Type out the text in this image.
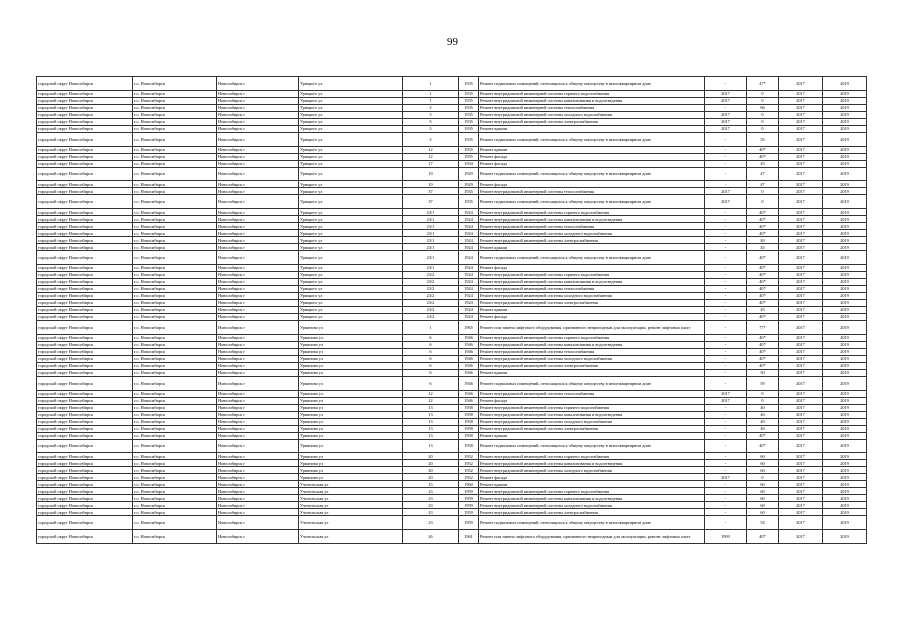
99
городской округ Новосибирск	г.о. Новосибирск	Новосибирск г	Урицкого ул	1	1935	Ремонт подвальных помещений, относящихся к общему имуществу в многоквартирном доме	-	47*	2017	2019
городской округ Новосибирск	г.о. Новосибирск	Новосибирск г	Урицкого ул	1	1935	Ремонт внутридомовой инженерной системы горячего водоснабжения	2017	0	2017	2019
городской округ Новосибирск	г.о. Новосибирск	Новосибирск г	Урицкого ул	1	1935	Ремонт внутридомовой инженерной системы канализования и водоотведения	2017	0	2017	2019
городской округ Новосибирск	г.о. Новосибирск	Новосибирск г	Урицкого ул	3	1935	Ремонт внутридомовой инженерной системы теплоснабжения	-	66	2017	2019
городской округ Новосибирск	г.о. Новосибирск	Новосибирск г	Урицкого ул	3	1935	Ремонт внутридомовой инженерной системы холодного водоснабжения	2017	0	2017	2019
городской округ Новосибирск	г.о. Новосибирск	Новосибирск г	Урицкого ул	3	1935	Ремонт внутридомовой инженерной системы электроснабжения	2017	0	2017	2019
городской округ Новосибирск	г.о. Новосибирск	Новосибирск г	Урицкого ул	3	1935	Ремонт крыши	2017	0	2017	2019
городской округ Новосибирск	г.о. Новосибирск	Новосибирск г	Урицкого ул	3	1935	Ремонт подвальных помещений, относящихся к общему имуществу в многоквартирном доме	-	55	2017	2019
городской округ Новосибирск	г.о. Новосибирск	Новосибирск г	Урицкого ул	12	1955	Ремонт крыши	-	40*	2017	2019
городской округ Новосибирск	г.о. Новосибирск	Новосибирск г	Урицкого ул	12	1955	Ремонт фасада	-	40*	2017	2019
городской округ Новосибирск	г.о. Новосибирск	Новосибирск г	Урицкого ул	17	1934	Ремонт фасада	-	45	2017	2019
городской округ Новосибирск	г.о. Новосибирск	Новосибирск г	Урицкого ул	19	1929	Ремонт подвальных помещений, относящихся к общему имуществу в многоквартирном доме	-	47	2017	2019
городской округ Новосибирск	г.о. Новосибирск	Новосибирск г	Урицкого ул	19	1929	Ремонт фасада	-	47	2017	2019
городской округ Новосибирск	г.о. Новосибирск	Новосибирск г	Урицкого ул	37	1935	Ремонт внутридомовой инженерной системы теплоснабжения	2017	0	2017	2019
городской округ Новосибирск	г.о. Новосибирск	Новосибирск г	Урицкого ул	37	1935	Ремонт подвальных помещений, относящихся к общему имуществу в многоквартирном доме	2017	0	2017	2019
городской округ Новосибирск	г.о. Новосибирск	Новосибирск г	Урицкого ул	23/1	1924	Ремонт внутридомовой инженерной системы горячего водоснабжения	-	40*	2017	2019
городской округ Новосибирск	г.о. Новосибирск	Новосибирск г	Урицкого ул	23/1	1924	Ремонт внутридомовой инженерной системы канализования и водоотведения	-	40*	2017	2019
городской округ Новосибирск	г.о. Новосибирск	Новосибирск г	Урицкого ул	23/1	1924	Ремонт внутридомовой инженерной системы теплоснабжения	-	40*	2017	2019
городской округ Новосибирск	г.о. Новосибирск	Новосибирск г	Урицкого ул	23/1	1924	Ремонт внутридомовой инженерной системы холодного водоснабжения	-	40*	2017	2019
городской округ Новосибирск	г.о. Новосибирск	Новосибирск г	Урицкого ул	23/1	1924	Ремонт внутридомовой инженерной системы электроснабжения	-	40	2017	2019
городской округ Новосибирск	г.о. Новосибирск	Новосибирск г	Урицкого ул	23/1	1924	Ремонт крыши	-	45	2017	2019
городской округ Новосибирск	г.о. Новосибирск	Новосибирск г	Урицкого ул	23/1	1924	Ремонт подвальных помещений, относящихся к общему имуществу в многоквартирном доме	-	40*	2017	2019
городской округ Новосибирск	г.о. Новосибирск	Новосибирск г	Урицкого ул	23/1	1924	Ремонт фасада	-	40*	2017	2019
городской округ Новосибирск	г.о. Новосибирск	Новосибирск г	Урицкого ул	23/2	1924	Ремонт внутридомовой инженерной системы горячего водоснабжения	-	40*	2017	2019
городской округ Новосибирск	г.о. Новосибирск	Новосибирск г	Урицкого ул	23/2	1924	Ремонт внутридомовой инженерной системы канализования и водоотведения	-	40*	2017	2019
городской округ Новосибирск	г.о. Новосибирск	Новосибирск г	Урицкого ул	23/2	1924	Ремонт внутридомовой инженерной системы теплоснабжения	-	40*	2017	2019
городской округ Новосибирск	г.о. Новосибирск	Новосибирск г	Урицкого ул	23/2	1924	Ремонт внутридомовой инженерной системы холодного водоснабжения	-	40*	2017	2019
городской округ Новосибирск	г.о. Новосибирск	Новосибирск г	Урицкого ул	23/2	1924	Ремонт внутридомовой инженерной системы электроснабжения	-	40*	2017	2019
городской округ Новосибирск	г.о. Новосибирск	Новосибирск г	Урицкого ул	23/2	1924	Ремонт крыши	-	45	2017	2019
городской округ Новосибирск	г.о. Новосибирск	Новосибирск г	Урицкого ул	23/2	1924	Ремонт фасада	-	40*	2017	2019
городской округ Новосибирск	г.о. Новосибирск	Новосибирск г	Урманова ул	1	1965	Ремонт или замена лифтового оборудования, признанного непригодным для эксплуатации, ремонт лифтовых шахт	-	77*	2017	2019
городской округ Новосибирск	г.о. Новосибирск	Новосибирск г	Урманова ул	6	1946	Ремонт внутридомовой инженерной системы горячего водоснабжения	-	40*	2017	2019
городской округ Новосибирск	г.о. Новосибирск	Новосибирск г	Урманова ул	6	1946	Ремонт внутридомовой инженерной системы канализования и водоотведения	-	40*	2017	2019
городской округ Новосибирск	г.о. Новосибирск	Новосибирск г	Урманова ул	6	1946	Ремонт внутридомовой инженерной системы теплоснабжения	-	40*	2017	2019
городской округ Новосибирск	г.о. Новосибирск	Новосибирск г	Урманова ул	6	1946	Ремонт внутридомовой инженерной системы холодного водоснабжения	-	40*	2017	2019
городской округ Новосибирск	г.о. Новосибирск	Новосибирск г	Урманова ул	6	1946	Ремонт внутридомовой инженерной системы электроснабжения	-	40*	2017	2019
городской округ Новосибирск	г.о. Новосибирск	Новосибирск г	Урманова ул	6	1946	Ремонт крыши	-	50	2017	2019
городской округ Новосибирск	г.о. Новосибирск	Новосибирск г	Урманова ул	6	1946	Ремонт подвальных помещений, относящихся к общему имуществу в многоквартирном доме	-	59	2017	2019
городской округ Новосибирск	г.о. Новосибирск	Новосибирск г	Урманова ул	12	1946	Ремонт внутридомовой инженерной системы теплоснабжения	2017	0	2017	2019
городской округ Новосибирск	г.о. Новосибирск	Новосибирск г	Урманова ул	12	1946	Ремонт фасада	2017	0	2017	2019
городской округ Новосибирск	г.о. Новосибирск	Новосибирск г	Урманова ул	13	1958	Ремонт внутридомовой инженерной системы горячего водоснабжения	-	40	2017	2019
городской округ Новосибирск	г.о. Новосибирск	Новосибирск г	Урманова ул	13	1958	Ремонт внутридомовой инженерной системы канализования и водоотведения	-	40	2017	2019
городской округ Новосибирск	г.о. Новосибирск	Новосибирск г	Урманова ул	13	1958	Ремонт внутридомовой инженерной системы холодного водоснабжения	-	40	2017	2019
городской округ Новосибирск	г.о. Новосибирск	Новосибирск г	Урманова ул	13	1958	Ремонт внутридомовой инженерной системы электроснабжения	-	40	2017	2019
городской округ Новосибирск	г.о. Новосибирск	Новосибирск г	Урманова ул	13	1958	Ремонт крыши	-	40*	2017	2019
городской округ Новосибирск	г.о. Новосибирск	Новосибирск г	Урманова ул	13	1958	Ремонт подвальных помещений, относящихся к общему имуществу в многоквартирном доме	-	40*	2017	2019
городской округ Новосибирск	г.о. Новосибирск	Новосибирск г	Урманова ул	20	1952	Ремонт внутридомовой инженерной системы горячего водоснабжения	-	60	2017	2019
городской округ Новосибирск	г.о. Новосибирск	Новосибирск г	Урманова ул	20	1952	Ремонт внутридомовой инженерной системы канализования и водоотведения	-	60	2017	2019
городской округ Новосибирск	г.о. Новосибирск	Новосибирск г	Урманова ул	20	1952	Ремонт внутридомовой инженерной системы холодного водоснабжения	-	60	2017	2019
городской округ Новосибирск	г.о. Новосибирск	Новосибирск г	Урманова ул	20	1952	Ремонт фасада	2017	0	2017	2019
городской округ Новосибирск	г.о. Новосибирск	Новосибирск г	Учительская ул	15	1960	Ремонт крыши	-	60	2017	2019
городской округ Новосибирск	г.о. Новосибирск	Новосибирск г	Учительская ул	23	1959	Ремонт внутридомовой инженерной системы горячего водоснабжения	-	60	2017	2019
городской округ Новосибирск	г.о. Новосибирск	Новосибирск г	Учительская ул	23	1959	Ремонт внутридомовой инженерной системы канализования и водоотведения	-	60	2017	2019
городской округ Новосибирск	г.о. Новосибирск	Новосибирск г	Учительская ул	23	1959	Ремонт внутридомовой инженерной системы холодного водоснабжения	-	60	2017	2019
городской округ Новосибирск	г.о. Новосибирск	Новосибирск г	Учительская ул	23	1959	Ремонт внутридомовой инженерной системы электроснабжения	-	60	2017	2019
городской округ Новосибирск	г.о. Новосибирск	Новосибирск г	Учительская ул	23	1959	Ремонт подвальных помещений, относящихся к общему имуществу в многоквартирном доме	-	54	2017	2019
городской округ Новосибирск	г.о. Новосибирск	Новосибирск г	Учительская ул	26	1961	Ремонт или замена лифтового оборудования, признанного непригодным для эксплуатации, ремонт лифтовых шахт	1993	40*	2017	2019
